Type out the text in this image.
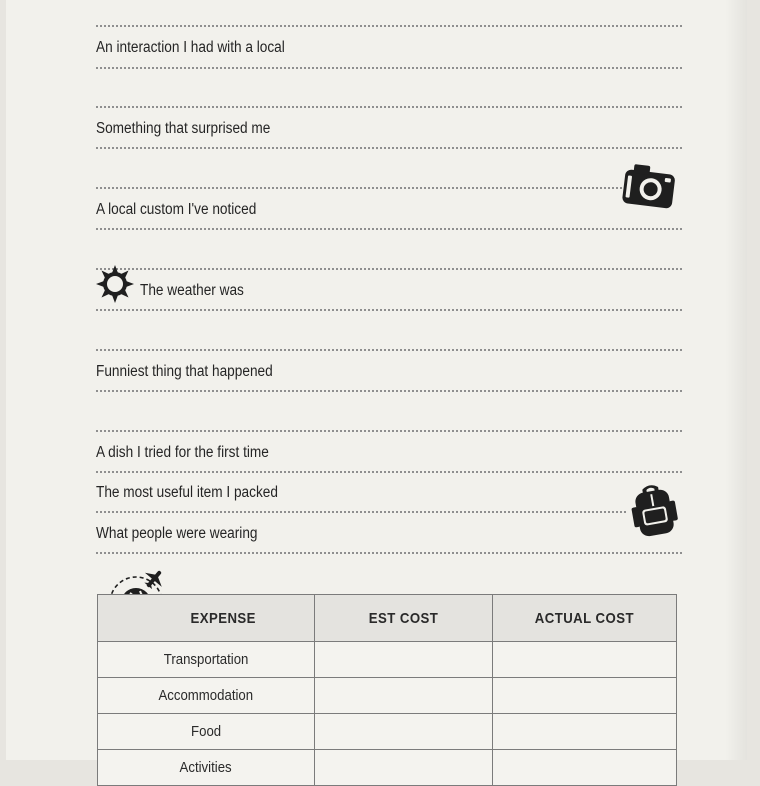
An interaction I had with a local
Something that surprised me
A local custom I've noticed
The weather was
Funniest thing that happened
A dish I tried for the first time
The most useful item I packed
What people were wearing
EXPENSE	EST COST	ACTUAL COST
Transportation		
Accommodation		
Food		
Activities		
